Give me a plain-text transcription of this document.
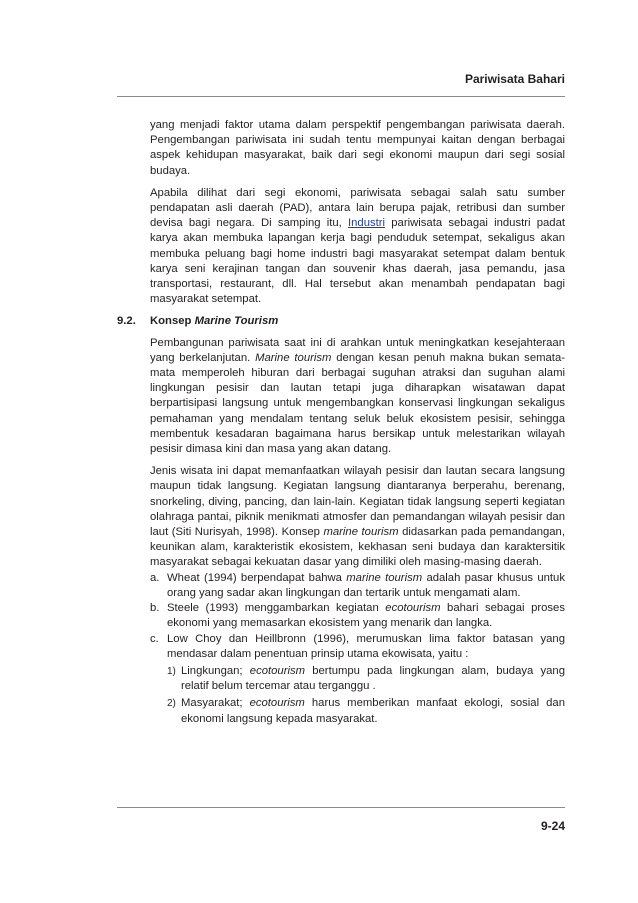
Pariwisata Bahari

yang menjadi faktor utama dalam perspektif pengembangan pariwisata daerah. Pengembangan pariwisata ini sudah tentu mempunyai kaitan dengan berbagai aspek kehidupan masyarakat, baik dari segi ekonomi maupun dari segi sosial budaya.

Apabila dilihat dari segi ekonomi, pariwisata sebagai salah satu sumber pendapatan asli daerah (PAD), antara lain berupa pajak, retribusi dan sumber devisa bagi negara. Di samping itu, Industri pariwisata sebagai industri padat karya akan membuka lapangan kerja bagi penduduk setempat, sekaligus akan membuka peluang bagi home industri bagi masyarakat setempat dalam bentuk karya seni kerajinan tangan dan souvenir khas daerah, jasa pemandu, jasa transportasi, restaurant, dll. Hal tersebut akan menambah pendapatan bagi masyarakat setempat.

9.2. Konsep Marine Tourism

Pembangunan pariwisata saat ini di arahkan untuk meningkatkan kesejahteraan yang berkelanjutan. Marine tourism dengan kesan penuh makna bukan semata-mata memperoleh hiburan dari berbagai suguhan atraksi dan suguhan alami lingkungan pesisir dan lautan tetapi juga diharapkan wisatawan dapat berpartisipasi langsung untuk mengembangkan konservasi lingkungan sekaligus pemahaman yang mendalam tentang seluk beluk ekosistem pesisir, sehingga membentuk kesadaran bagaimana harus bersikap untuk melestarikan wilayah pesisir dimasa kini dan masa yang akan datang.

Jenis wisata ini dapat memanfaatkan wilayah pesisir dan lautan secara langsung maupun tidak langsung. Kegiatan langsung diantaranya berperahu, berenang, snorkeling, diving, pancing, dan lain-lain. Kegiatan tidak langsung seperti kegiatan olahraga pantai, piknik menikmati atmosfer dan pemandangan wilayah pesisir dan laut (Siti Nurisyah, 1998). Konsep marine tourism didasarkan pada pemandangan, keunikan alam, karakteristik ekosistem, kekhasan seni budaya dan karaktersitik masyarakat sebagai kekuatan dasar yang dimiliki oleh masing-masing daerah.

a. Wheat (1994) berpendapat bahwa marine tourism adalah pasar khusus untuk orang yang sadar akan lingkungan dan tertarik untuk mengamati alam.
b. Steele (1993) menggambarkan kegiatan ecotourism bahari sebagai proses ekonomi yang memasarkan ekosistem yang menarik dan langka.
c. Low Choy dan Heillbronn (1996), merumuskan lima faktor batasan yang mendasar dalam penentuan prinsip utama ekowisata, yaitu :
1) Lingkungan; ecotourism bertumpu pada lingkungan alam, budaya yang relatif belum tercemar atau terganggu .
2) Masyarakat; ecotourism harus memberikan manfaat ekologi, sosial dan ekonomi langsung kepada masyarakat.
9-24
